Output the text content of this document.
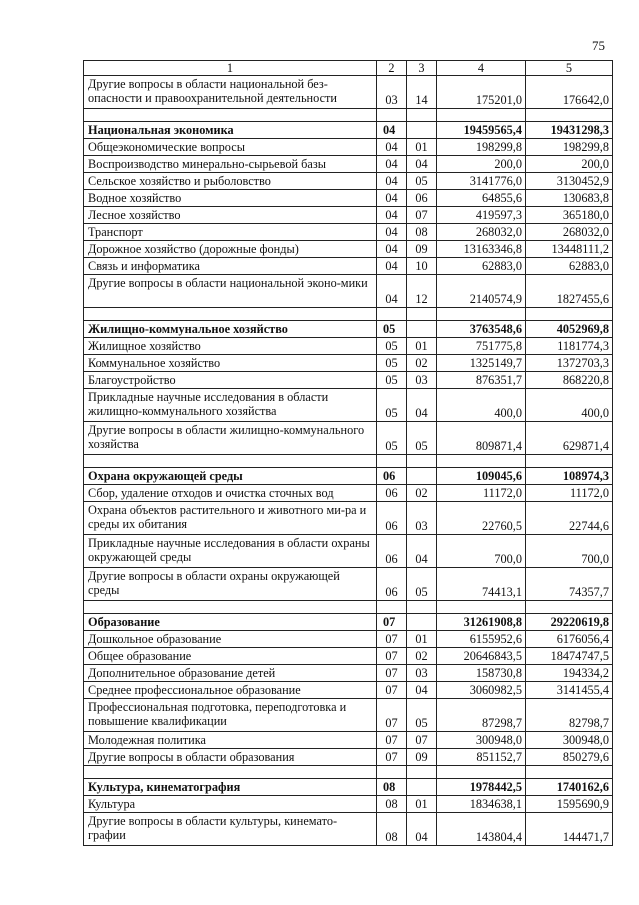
75
1	2	3	4	5
Другие вопросы в области национальной без-опасности и правоохранительной деятельности	03	14	175201,0	176642,0

Национальная экономика	04		19459565,4	19431298,3
Общеэкономические вопросы	04	01	198299,8	198299,8
Воспроизводство минерально-сырьевой базы	04	04	200,0	200,0
Сельское хозяйство и рыболовство	04	05	3141776,0	3130452,9
Водное хозяйство	04	06	64855,6	130683,8
Лесное хозяйство	04	07	419597,3	365180,0
Транспорт	04	08	268032,0	268032,0
Дорожное хозяйство (дорожные фонды)	04	09	13163346,8	13448111,2
Связь и информатика	04	10	62883,0	62883,0
Другие вопросы в области национальной эконо-мики	04	12	2140574,9	1827455,6

Жилищно-коммунальное хозяйство	05		3763548,6	4052969,8
Жилищное хозяйство	05	01	751775,8	1181774,3
Коммунальное хозяйство	05	02	1325149,7	1372703,3
Благоустройство	05	03	876351,7	868220,8
Прикладные научные исследования в области жилищно-коммунального хозяйства	05	04	400,0	400,0
Другие вопросы в области жилищно-коммунального хозяйства	05	05	809871,4	629871,4

Охрана окружающей среды	06		109045,6	108974,3
Сбор, удаление отходов и очистка сточных вод	06	02	11172,0	11172,0
Охрана объектов растительного и животного ми-ра и среды их обитания	06	03	22760,5	22744,6
Прикладные научные исследования в области охраны окружающей среды	06	04	700,0	700,0
Другие вопросы в области охраны окружающей среды	06	05	74413,1	74357,7

Образование	07		31261908,8	29220619,8
Дошкольное образование	07	01	6155952,6	6176056,4
Общее образование	07	02	20646843,5	18474747,5
Дополнительное образование детей	07	03	158730,8	194334,2
Среднее профессиональное образование	07	04	3060982,5	3141455,4
Профессиональная подготовка, переподготовка и повышение квалификации	07	05	87298,7	82798,7
Молодежная политика	07	07	300948,0	300948,0
Другие вопросы в области образования	07	09	851152,7	850279,6

Культура, кинематография	08		1978442,5	1740162,6
Культура	08	01	1834638,1	1595690,9
Другие вопросы в области культуры, кинемато-графии	08	04	143804,4	144471,7
